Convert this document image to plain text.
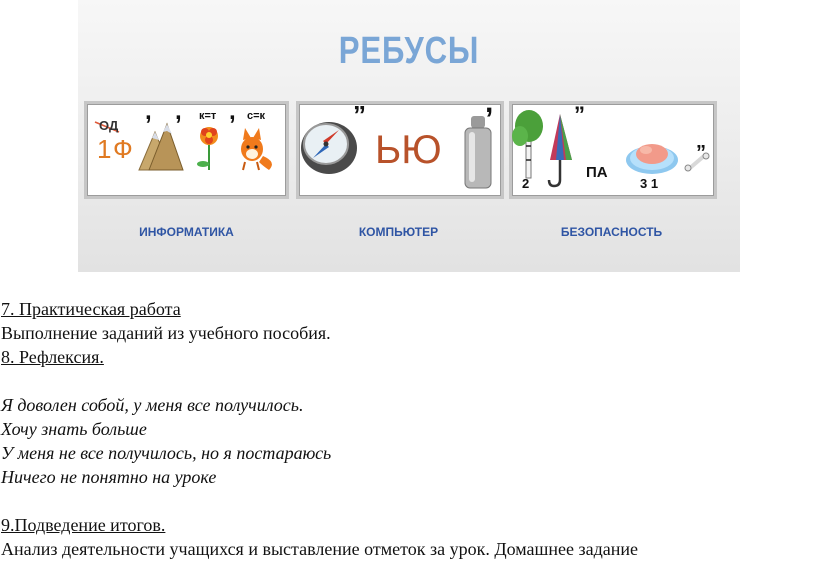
РЕБУСЫ
ОД
1 Ф
, , к=т , с=к	”
ЬЮ
,	”
2
ПА
3 1
”
ИНФОРМАТИКА	КОМПЬЮТЕР	БЕЗОПАСНОСТЬ
7. Практическая работа
Выполнение заданий из учебного пособия.
8. Рефлексия.
Я доволен собой, у меня все получилось.
Хочу знать больше
У меня не все получилось, но я постараюсь
Ничего не понятно на уроке
9.Подведение итогов.
Анализ деятельности учащихся и выставление отметок за урок. Домашнее задание
